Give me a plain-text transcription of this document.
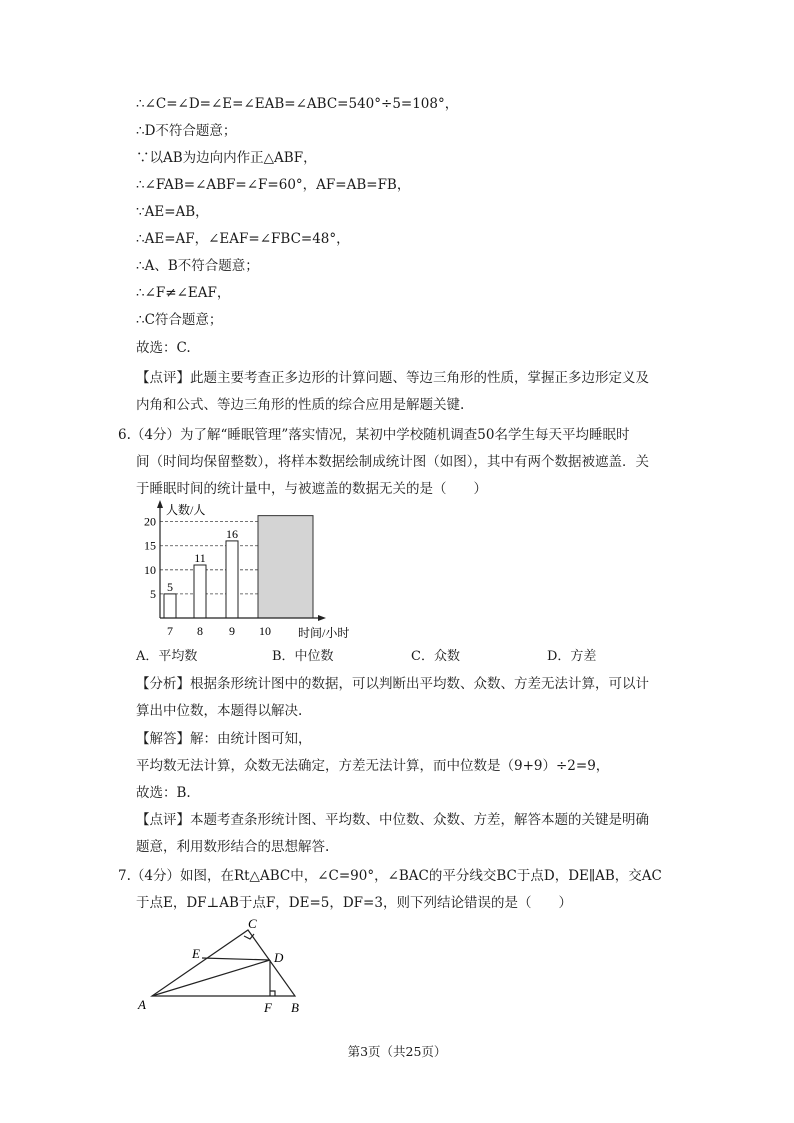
∴∠C=∠D=∠E=∠EAB=∠ABC=540°÷5=108°，
∴D不符合题意；
∵以AB为边向内作正△ABF，
∴∠FAB=∠ABF=∠F=60°，AF=AB=FB，
∵AE=AB，
∴AE=AF，∠EAF=∠FBC=48°，
∴A、B不符合题意；
∴∠F≠∠EAF，
∴C符合题意；
故选：C.
【点评】此题主要考查正多边形的计算问题、等边三角形的性质，掌握正多边形定义及
内角和公式、等边三角形的性质的综合应用是解题关键.
6.（4分）为了解“睡眠管理”落实情况，某初中学校随机调查50名学生每天平均睡眠时
间（时间均保留整数），将样本数据绘制成统计图（如图），其中有两个数据被遮盖．关
于睡眠时间的统计量中，与被遮盖的数据无关的是（　　）
5
10
15
20
5
7
11
8
16
9 10
人数/人
时间/小时
A．平均数	B．中位数	C．众数	D．方差
【分析】根据条形统计图中的数据，可以判断出平均数、众数、方差无法计算，可以计
算出中位数，本题得以解决.
【解答】解：由统计图可知，
平均数无法计算，众数无法确定，方差无法计算，而中位数是（9+9）÷2=9，
故选：B.
【点评】本题考查条形统计图、平均数、中位数、众数、方差，解答本题的关键是明确
题意，利用数形结合的思想解答.
7.（4分）如图，在Rt△ABC中，∠C=90°，∠BAC的平分线交BC于点D，DE∥AB，交AC
于点E，DF⊥AB于点F，DE=5，DF=3，则下列结论错误的是（　　）
A	B
C
D
E
F
第3页（共25页）
